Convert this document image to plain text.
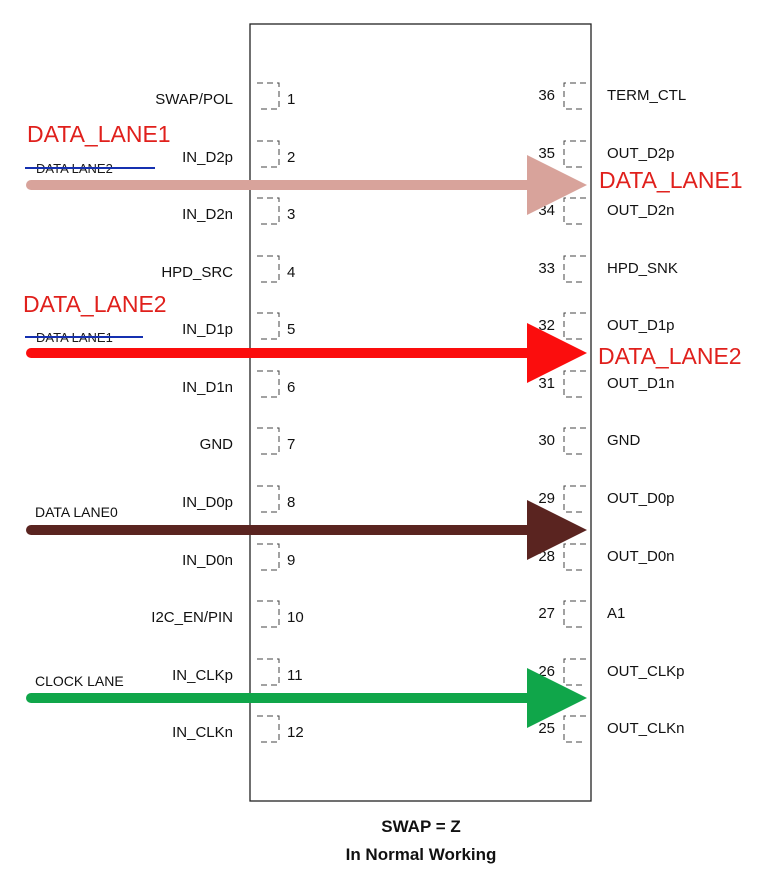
SWAP/POL	1
IN_D2p	2
IN_D2n	3
HPD_SRC	4
IN_D1p	5
IN_D1n	6
GND	7
IN_D0p	8
IN_D0n	9
I2C_EN/PIN	10
IN_CLKp	11
IN_CLKn	12
36	TERM_CTL
35	OUT_D2p
34	OUT_D2n
33	HPD_SNK
32	OUT_D1p
31	OUT_D1n
30	GND
29	OUT_D0p
28	OUT_D0n
27	A1
26	OUT_CLKp
25	OUT_CLKn
DATA_LANE1
DATA LANE2	DATA_LANE1
DATA_LANE2
DATA LANE1
DATA_LANE2
DATA LANE0
CLOCK LANE
SWAP = Z
In Normal Working
